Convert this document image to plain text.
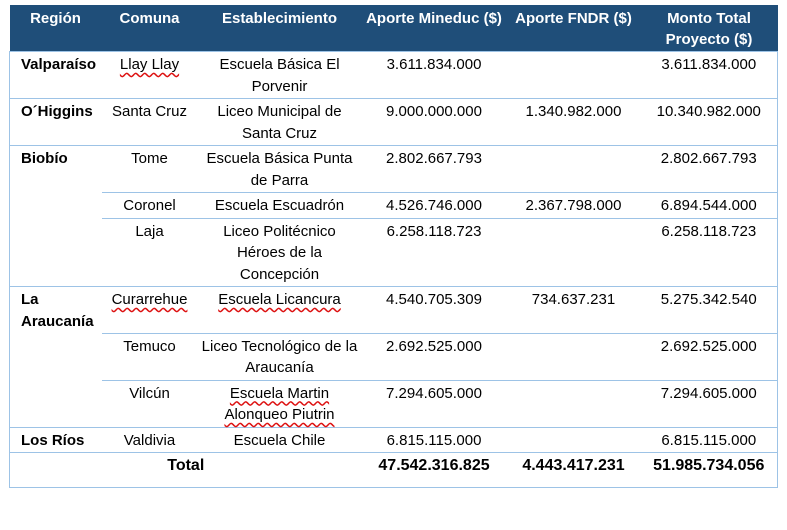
Región	Comuna	Establecimiento	Aporte Mineduc ($)	Aporte FNDR ($)	Monto Total Proyecto ($)
Valparaíso	Llay Llay	Escuela Básica El Porvenir	3.611.834.000		3.611.834.000
O´Higgins	Santa Cruz	Liceo Municipal de Santa Cruz	9.000.000.000	1.340.982.000	10.340.982.000
Biobío	Tome	Escuela Básica Punta de Parra	2.802.667.793		2.802.667.793
	Coronel	Escuela Escuadrón	4.526.746.000	2.367.798.000	6.894.544.000
	Laja	Liceo Politécnico Héroes de la Concepción	6.258.118.723		6.258.118.723
La Araucanía	Curarrehue	Escuela Licancura	4.540.705.309	734.637.231	5.275.342.540
	Temuco	Liceo Tecnológico de la Araucanía	2.692.525.000		2.692.525.000
	Vilcún	Escuela Martin Alonqueo Piutrin	7.294.605.000		7.294.605.000
Los Ríos	Valdivia	Escuela Chile	6.815.115.000		6.815.115.000
Total			47.542.316.825	4.443.417.231	51.985.734.056
